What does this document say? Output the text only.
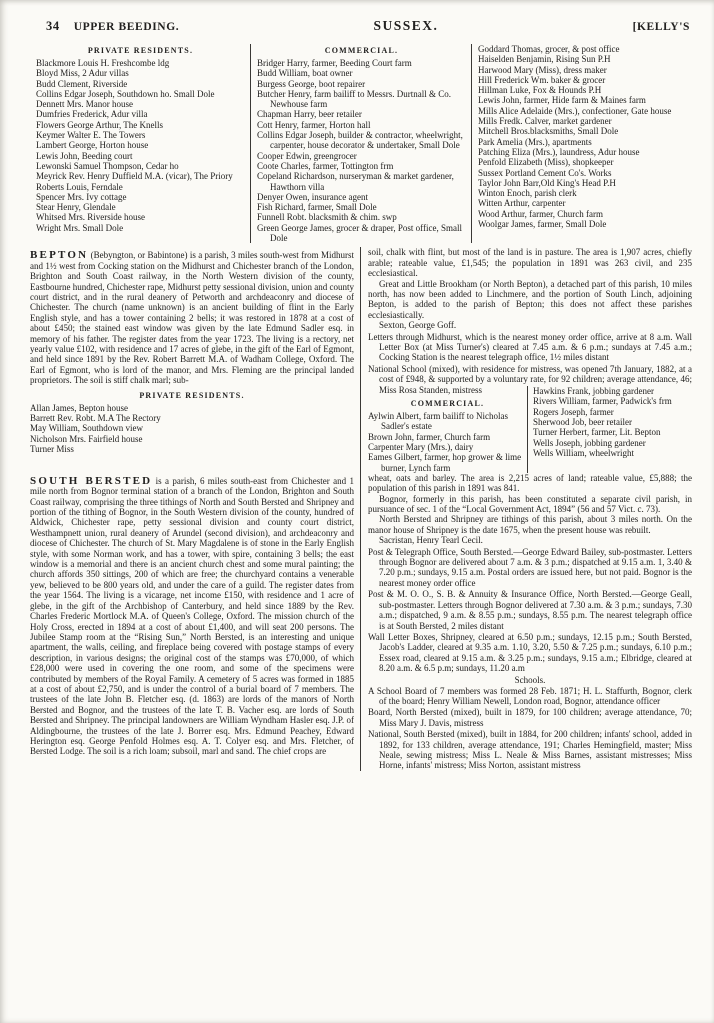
34 UPPER BEEDING.	SUSSEX.	[KELLY'S
PRIVATE RESIDENTS.
Blackmore Louis H. Freshcombe ldg
Bloyd Miss, 2 Adur villas
Budd Clement, Riverside
Collins Edgar Joseph, Southdown ho. Small Dole
Dennett Mrs. Manor house
Dumfries Frederick, Adur villa
Flowers George Arthur, The Knells
Keymer Walter E. The Towers
Lambert George, Horton house
Lewis John, Beeding court
Lewonski Samuel Thompson, Cedar ho
Meyrick Rev. Henry Duffield M.A. (vicar), The Priory
Roberts Louis, Ferndale
Spencer Mrs. Ivy cottage
Stear Henry, Glendale
Whitsed Mrs. Riverside house
Wright Mrs. Small Dole
COMMERCIAL.
Bridger Harry, farmer, Beeding Court farm
Budd William, boat owner
Burgess George, boot repairer
Butcher Henry, farm bailiff to Messrs. Durtnall & Co. Newhouse farm
Chapman Harry, beer retailer
Cott Henry, farmer, Horton hall
Collins Edgar Joseph, builder & contractor, wheelwright, carpenter, house decorator & undertaker, Small Dole
Cooper Edwin, greengrocer
Coote Charles, farmer, Tottington frm
Copeland Richardson, nurseryman & market gardener, Hawthorn villa
Denyer Owen, insurance agent
Fish Richard, farmer, Small Dole
Funnell Robt. blacksmith & chim. swp
Green George James, grocer & draper, Post office, Small Dole
Goddard Thomas, grocer, & post office
Haiselden Benjamin, Rising Sun P.H
Harwood Mary (Miss), dress maker
Hill Frederick Wm. baker & grocer
Hillman Luke, Fox & Hounds P.H
Lewis John, farmer, Hide farm & Maines farm
Mills Alice Adelaide (Mrs.), confectioner, Gate house
Mills Fredk. Calver, market gardener
Mitchell Bros.blacksmiths, Small Dole
Park Amelia (Mrs.), apartments
Patching Eliza (Mrs.), laundress, Adur house
Penfold Elizabeth (Miss), shopkeeper
Sussex Portland Cement Co's. Works
Taylor John Barr,Old King's Head P.H
Winton Enoch, parish clerk
Witten Arthur, carpenter
Wood Arthur, farmer, Church farm
Woolgar James, farmer, Small Dole

BEPTON (Bebyngton, or Babintone) is a parish, 3 miles south-west from Midhurst and 1½ west from Cocking station on the Midhurst and Chichester branch of the London, Brighton and South Coast railway, in the North Western division of the county, Eastbourne hundred, Chichester rape, Midhurst petty sessional division, union and county court district, and in the rural deanery of Petworth and archdeaconry and diocese of Chichester. The church (name unknown) is an ancient building of flint in the Early English style, and has a tower containing 2 bells; it was restored in 1878 at a cost of about £450; the stained east window was given by the late Edmund Sadler esq. in memory of his father. The register dates from the year 1723. The living is a rectory, net yearly value £102, with residence and 17 acres of glebe, in the gift of the Earl of Egmont, and held since 1891 by the Rev. Robert Barrett M.A. of Wadham College, Oxford. The Earl of Egmont, who is lord of the manor, and Mrs. Fleming are the principal landed proprietors. The soil is stiff chalk marl; sub-

PRIVATE RESIDENTS.
Allan James, Bepton house
Barrett Rev. Robt. M.A The Rectory
May William, Southdown view
Nicholson Mrs. Fairfield house
Turner Miss

soil, chalk with flint, but most of the land is in pasture. The area is 1,907 acres, chiefly arable; rateable value, £1,545; the population in 1891 was 263 civil, and 235 ecclesiastical.

Great and Little Brookham (or North Bepton), a detached part of this parish, 10 miles north, has now been added to Linchmere, and the portion of South Linch, adjoining Bepton, is added to the parish of Bepton; this does not affect these parishes ecclesiastically.

Sexton, George Goff.

Letters through Midhurst, which is the nearest money order office, arrive at 8 a.m. Wall Letter Box (at Miss Turner's) cleared at 7.45 a.m. & 6 p.m.; sundays at 7.45 a.m.; Cocking Station is the nearest telegraph office, 1½ miles distant

National School (mixed), with residence for mistress, was opened 7th January, 1882, at a cost of £948, & supported by a voluntary rate, for 92 children; average attendance, 46; Miss Rosa Standen, mistress

COMMERCIAL.
Aylwin Albert, farm bailiff to Nicholas Sadler's estate
Brown John, farmer, Church farm
Carpenter Mary (Mrs.), dairy
Eames Gilbert, farmer, hop grower & lime burner, Lynch farm
Hawkins Frank, jobbing gardener
Rivers William, farmer, Padwick's frm
Rogers Joseph, farmer
Sherwood Job, beer retailer
Turner Herbert, farmer, Lit. Bepton
Wells Joseph, jobbing gardener
Wells William, wheelwright

SOUTH BERSTED is a parish, 6 miles south-east from Chichester and 1 mile north from Bognor terminal station of a branch of the London, Brighton and South Coast railway, comprising the three tithings of North and South Bersted and Shripney and portion of the tithing of Bognor, in the South Western division of the county, hundred of Aldwick, Chichester rape, petty sessional division and county court district, Westhampnett union, rural deanery of Arundel (second division), and archdeaconry and diocese of Chichester. The church of St. Mary Magdalene is of stone in the Early English style, with some Norman work, and has a tower, with spire, containing 3 bells; the east window is a memorial and there is an ancient church chest and some mural painting; the church affords 350 sittings, 200 of which are free; the churchyard contains a venerable yew, believed to be 800 years old, and under the care of a guild. The register dates from the year 1564. The living is a vicarage, net income £150, with residence and 1 acre of glebe, in the gift of the Archbishop of Canterbury, and held since 1889 by the Rev. Charles Frederic Mortlock M.A. of Queen's College, Oxford. The mission church of the Holy Cross, erected in 1894 at a cost of about £1,400, and will seat 200 persons. The Jubilee Stamp room at the “Rising Sun,” North Bersted, is an interesting and unique apartment, the walls, ceiling, and fireplace being covered with postage stamps of every description, in various designs; the original cost of the stamps was £70,000, of which £28,000 were used in covering the one room, and some of the specimens were contributed by members of the Royal Family. A cemetery of 5 acres was formed in 1885 at a cost of about £2,750, and is under the control of a burial board of 7 members. The trustees of the late John B. Fletcher esq. (d. 1863) are lords of the manors of North Bersted and Bognor, and the trustees of the late T. B. Vacher esq. are lords of South Bersted and Shripney. The principal landowners are William Wyndham Hasler esq. J.P. of Aldingbourne, the trustees of the late J. Borrer esq. Mrs. Edmund Peachey, Edward Herington esq. George Penfold Holmes esq. A. T. Colyer esq. and Mrs. Fletcher, of Bersted Lodge. The soil is a rich loam; subsoil, marl and sand. The chief crops are

wheat, oats and barley. The area is 2,215 acres of land; rateable value, £5,888; the population of this parish in 1891 was 841.

Bognor, formerly in this parish, has been constituted a separate civil parish, in pursuance of sec. 1 of the “Local Government Act, 1894” (56 and 57 Vict. c. 73).

North Bersted and Shripney are tithings of this parish, about 3 miles north. On the manor house of Shripney is the date 1675, when the present house was rebuilt.

Sacristan, Henry Tearl Cecil.

Post & Telegraph Office, South Bersted.—George Edward Bailey, sub-postmaster. Letters through Bognor are delivered about 7 a.m. & 3 p.m.; dispatched at 9.15 a.m. 1, 3.40 & 7.20 p.m.; sundays, 9.15 a.m. Postal orders are issued here, but not paid. Bognor is the nearest money order office

Post & M. O. O., S. B. & Annuity & Insurance Office, North Bersted.—George Geall, sub-postmaster. Letters through Bognor delivered at 7.30 a.m. & 3 p.m.; sundays, 7.30 a.m.; dispatched, 9 a.m. & 8.55 p.m.; sundays, 8.55 p.m. The nearest telegraph office is at South Bersted, 2 miles distant

Wall Letter Boxes, Shripney, cleared at 6.50 p.m.; sundays, 12.15 p.m.; South Bersted, Jacob's Ladder, cleared at 9.35 a.m. 1.10, 3.20, 5.50 & 7.25 p.m.; sundays, 6.10 p.m.; Essex road, cleared at 9.15 a.m. & 3.25 p.m.; sundays, 9.15 a.m.; Elbridge, cleared at 8.20 a.m. & 6.5 p.m; sundays, 11.20 a.m

Schools.

A School Board of 7 members was formed 28 Feb. 1871; H. L. Staffurth, Bognor, clerk of the board; Henry William Newell, London road, Bognor, attendance officer

Board, North Bersted (mixed), built in 1879, for 100 children; average attendance, 70; Miss Mary J. Davis, mistress

National, South Bersted (mixed), built in 1884, for 200 children; infants' school, added in 1892, for 133 children, average attendance, 191; Charles Hemingfield, master; Miss Neale, sewing mistress; Miss L. Neale & Miss Barnes, assistant mistresses; Miss Horne, infants' mistress; Miss Norton, assistant mistress
